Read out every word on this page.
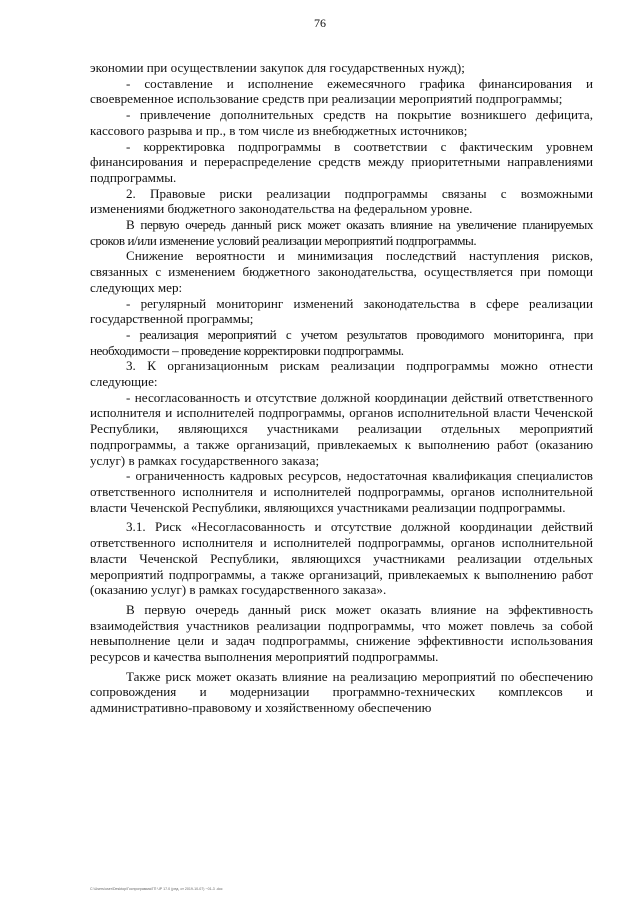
76

экономии при осуществлении закупок для государственных нужд);

- составление и исполнение ежемесячного графика финансирования и своевременное использование средств при реализации мероприятий подпрограммы;

- привлечение дополнительных средств на покрытие возникшего дефицита, кассового разрыва и пр., в том числе из внебюджетных источников;

- корректировка подпрограммы в соответствии с фактическим уровнем финансирования и перераспределение средств между приоритетными направлениями подпрограммы.

2. Правовые риски реализации подпрограммы связаны с возможными изменениями бюджетного законодательства на федеральном уровне.

В первую очередь данный риск может оказать влияние на увеличение планируемых сроков и/или изменение условий реализации мероприятий подпрограммы.

Снижение вероятности и минимизация последствий наступления рисков, связанных с изменением бюджетного законодательства, осуществляется при помощи следующих мер:

- регулярный мониторинг изменений законодательства в сфере реализации государственной программы;

- реализация мероприятий с учетом результатов проводимого мониторинга, при необходимости – проведение корректировки подпрограммы.

3. К организационным рискам реализации подпрограммы можно отнести следующие:

- несогласованность и отсутствие должной координации действий ответственного исполнителя и исполнителей подпрограммы, органов исполнительной власти Чеченской Республики, являющихся участниками реализации отдельных мероприятий подпрограммы, а также организаций, привлекаемых к выполнению работ (оказанию услуг) в рамках государственного заказа;

- ограниченность кадровых ресурсов, недостаточная квалификация специалистов ответственного исполнителя и исполнителей подпрограммы, органов исполнительной власти Чеченской Республики, являющихся участниками реализации подпрограммы.

3.1. Риск «Несогласованность и отсутствие должной координации действий ответственного исполнителя и исполнителей подпрограммы, органов исполнительной власти Чеченской Республики, являющихся участниками реализации отдельных мероприятий подпрограммы, а также организаций, привлекаемых к выполнению работ (оказанию услуг) в рамках государственного заказа».

В первую очередь данный риск может оказать влияние на эффективность взаимодействия участников реализации подпрограммы, что может повлечь за собой невыполнение цели и задач подпрограммы, снижение эффективности использования ресурсов и качества выполнения мероприятий подпрограммы.

Также риск может оказать влияние на реализацию мероприятий по обеспечению сопровождения и модернизации программно-технических комплексов и административно-правовому и хозяйственному обеспечению

С:\Users\user\Desktop\Госпрограмма\ГП ЧР 17.0 (ред. от 2019-10-07) ~01-3 .doc
